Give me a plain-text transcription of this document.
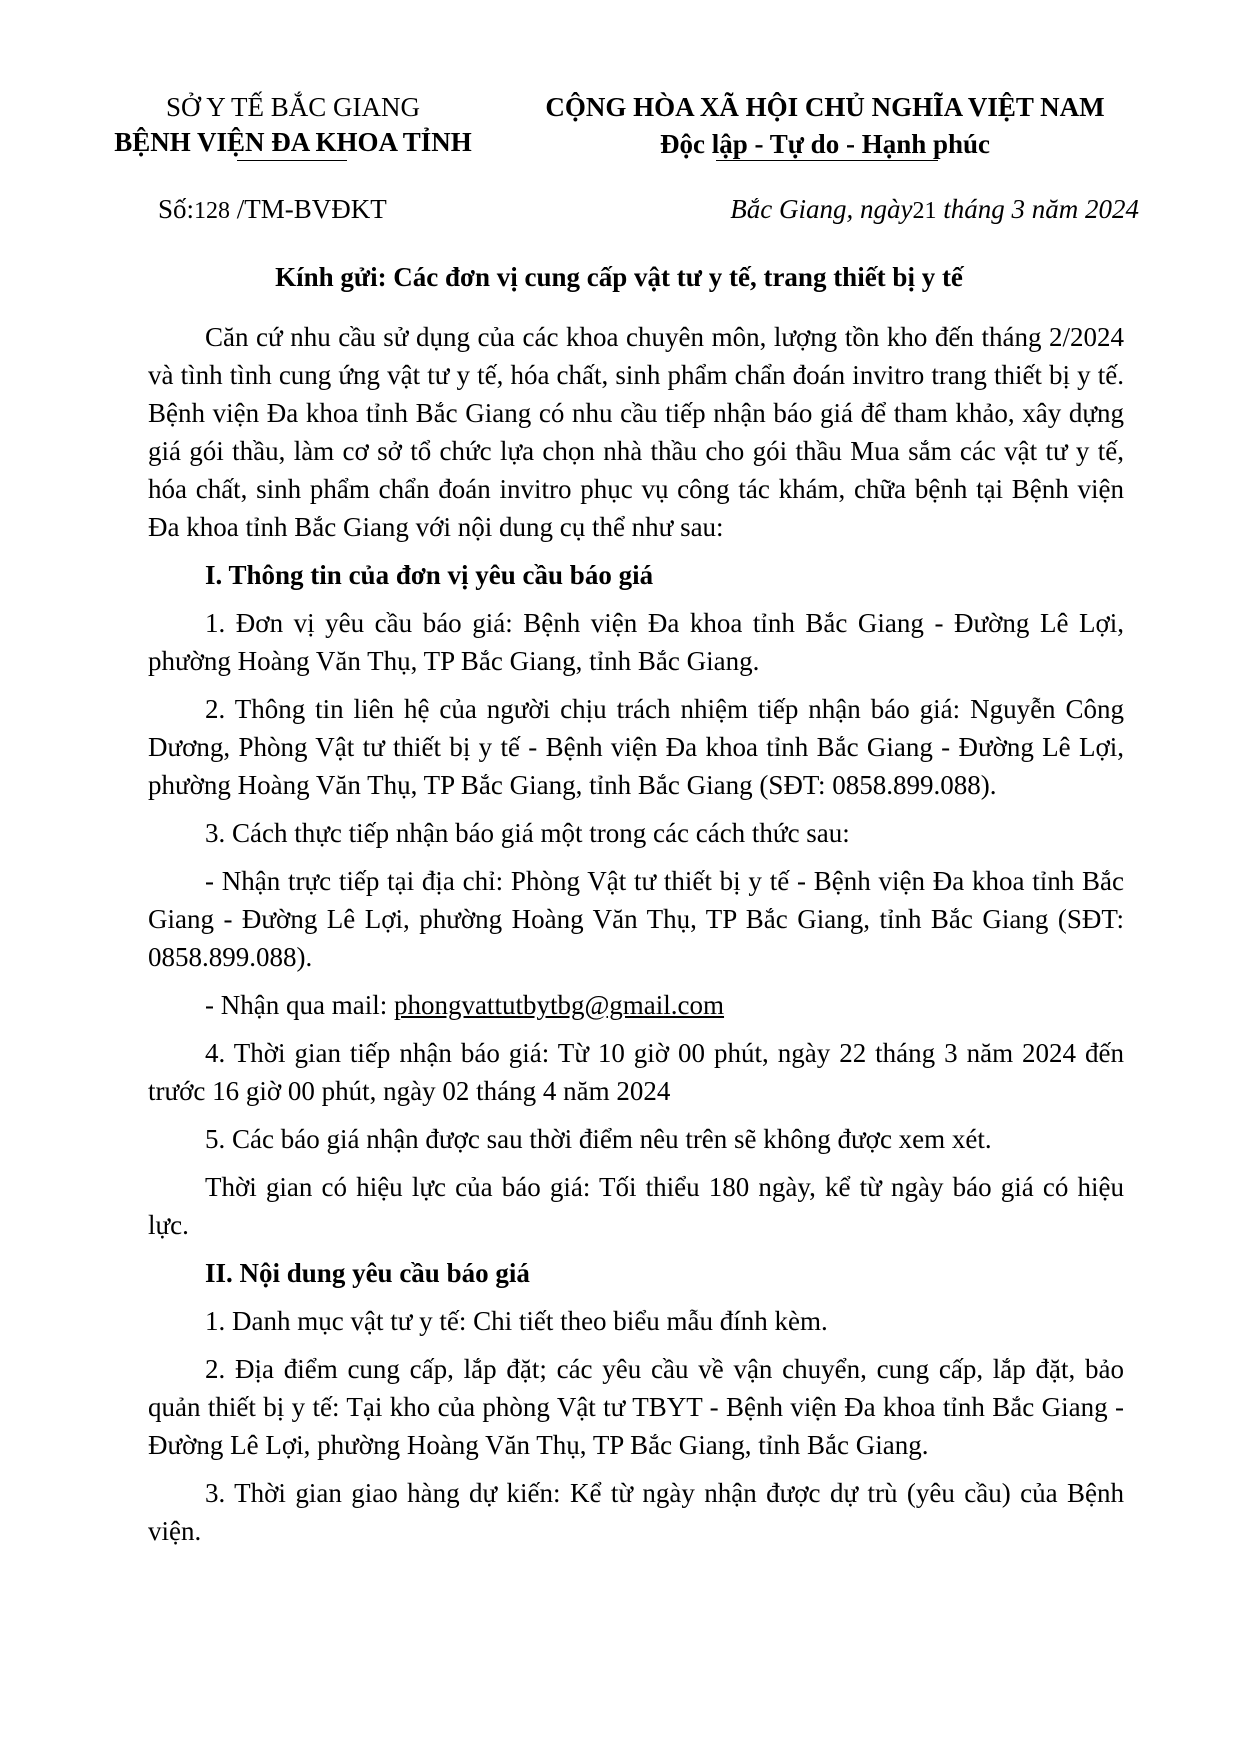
SỞ Y TẾ BẮC GIANG
BỆNH VIỆN ĐA KHOA TỈNH
CỘNG HÒA XÃ HỘI CHỦ NGHĨA VIỆT NAM
Độc lập - Tự do - Hạnh phúc
Số:128 /TM-BVĐKT	Bắc Giang, ngày21 tháng 3 năm 2024
Kính gửi: Các đơn vị cung cấp vật tư y tế, trang thiết bị y tế

Căn cứ nhu cầu sử dụng của các khoa chuyên môn, lượng tồn kho đến tháng 2/2024 và tình tình cung ứng vật tư y tế, hóa chất, sinh phẩm chẩn đoán invitro trang thiết bị y tế. Bệnh viện Đa khoa tỉnh Bắc Giang có nhu cầu tiếp nhận báo giá để tham khảo, xây dựng giá gói thầu, làm cơ sở tổ chức lựa chọn nhà thầu cho gói thầu Mua sắm các vật tư y tế, hóa chất, sinh phẩm chẩn đoán invitro phục vụ công tác khám, chữa bệnh tại Bệnh viện Đa khoa tỉnh Bắc Giang với nội dung cụ thể như sau:

I. Thông tin của đơn vị yêu cầu báo giá

1. Đơn vị yêu cầu báo giá: Bệnh viện Đa khoa tỉnh Bắc Giang - Đường Lê Lợi, phường Hoàng Văn Thụ, TP Bắc Giang, tỉnh Bắc Giang.

2. Thông tin liên hệ của người chịu trách nhiệm tiếp nhận báo giá: Nguyễn Công Dương, Phòng Vật tư thiết bị y tế - Bệnh viện Đa khoa tỉnh Bắc Giang - Đường Lê Lợi, phường Hoàng Văn Thụ, TP Bắc Giang, tỉnh Bắc Giang (SĐT: 0858.899.088).

3. Cách thực tiếp nhận báo giá một trong các cách thức sau:

- Nhận trực tiếp tại địa chỉ: Phòng Vật tư thiết bị y tế - Bệnh viện Đa khoa tỉnh Bắc Giang - Đường Lê Lợi, phường Hoàng Văn Thụ, TP Bắc Giang, tỉnh Bắc Giang (SĐT: 0858.899.088).

- Nhận qua mail: phongvattutbytbg@gmail.com

4. Thời gian tiếp nhận báo giá: Từ 10 giờ 00 phút, ngày 22 tháng 3 năm 2024 đến trước 16 giờ 00 phút, ngày 02 tháng 4 năm 2024

5. Các báo giá nhận được sau thời điểm nêu trên sẽ không được xem xét.

Thời gian có hiệu lực của báo giá: Tối thiểu 180 ngày, kể từ ngày báo giá có hiệu lực.

II. Nội dung yêu cầu báo giá

1. Danh mục vật tư y tế: Chi tiết theo biểu mẫu đính kèm.

2. Địa điểm cung cấp, lắp đặt; các yêu cầu về vận chuyển, cung cấp, lắp đặt, bảo quản thiết bị y tế: Tại kho của phòng Vật tư TBYT - Bệnh viện Đa khoa tỉnh Bắc Giang - Đường Lê Lợi, phường Hoàng Văn Thụ, TP Bắc Giang, tỉnh Bắc Giang.

3. Thời gian giao hàng dự kiến: Kể từ ngày nhận được dự trù (yêu cầu) của Bệnh viện.
